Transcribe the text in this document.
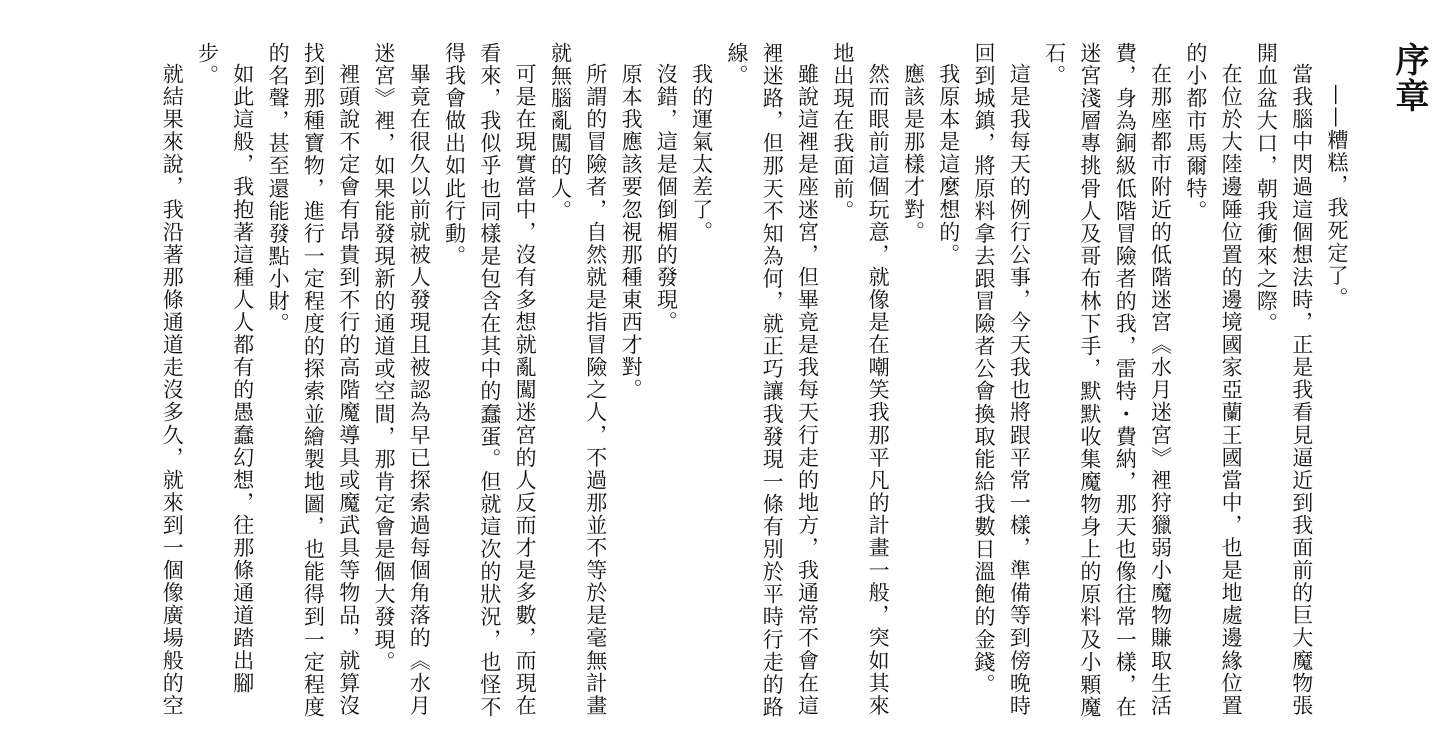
序章

——糟糕，我死定了。

當我腦中閃過這個想法時，正是我看見逼近到我面前的巨大魔物張開血盆大口，朝我衝來之際。

在位於大陸邊陲位置的邊境國家亞蘭王國當中，也是地處邊緣位置的小都市馬爾特。

在那座都市附近的低階迷宮《水月迷宮》裡狩獵弱小魔物賺取生活費，身為銅級低階冒險者的我，雷特・費納，那天也像往常一樣，在迷宮淺層專挑骨人及哥布林下手，默默收集魔物身上的原料及小顆魔石。

這是我每天的例行公事，今天我也將跟平常一樣，準備等到傍晚時回到城鎮，將原料拿去跟冒險者公會換取能給我數日溫飽的金錢。

我原本是這麼想的。

應該是那樣才對。

然而眼前這個玩意，就像是在嘲笑我那平凡的計畫一般，突如其來地出現在我面前。

雖說這裡是座迷宮，但畢竟是我每天行走的地方，我通常不會在這裡迷路，但那天不知為何，就正巧讓我發現一條有別於平時行走的路線。

我的運氣太差了。

沒錯，這是個倒楣的發現。

原本我應該要忽視那種東西才對。

所謂的冒險者，自然就是指冒險之人，不過那並不等於是毫無計畫就無腦亂闖的人。

可是在現實當中，沒有多想就亂闖迷宮的人反而才是多數，而現在看來，我似乎也同樣是包含在其中的蠢蛋。但就這次的狀況，也怪不得我會做出如此行動。

畢竟在很久以前就被人發現且被認為早已探索過每個角落的《水月迷宮》裡，如果能發現新的通道或空間，那肯定會是個大發現。

裡頭說不定會有昂貴到不行的高階魔導具或魔武具等物品，就算沒找到那種寶物，進行一定程度的探索並繪製地圖，也能得到一定程度的名聲，甚至還能發點小財。

如此這般，我抱著這種人人都有的愚蠢幻想，往那條通道踏出腳步。

就結果來說，我沿著那條通道走沒多久，就來到一個像廣場般的空
